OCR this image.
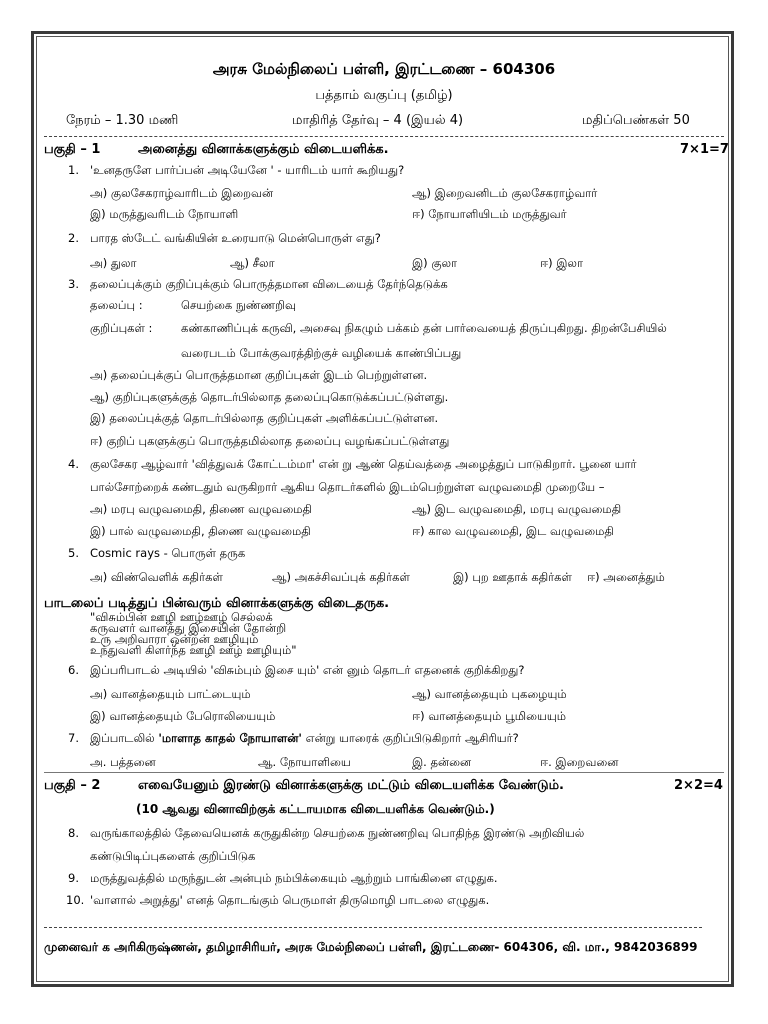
அரசு மேல்நிலைப் பள்ளி, இரட்டணை – 604306
பத்தாம் வகுப்பு (தமிழ்)
நேரம் – 1.30 மணி	மாதிரித் தேர்வு – 4 (இயல் 4)	மதிப்பெண்கள் 50
பகுதி – 1	அனைத்து வினாக்களுக்கும் விடையளிக்க.	7×1=7
1. 'உனதருளே பார்ப்பன் அடியேனே ' - யாரிடம் யார் கூறியது?
அ) குலசேகராழ்வாரிடம் இறைவன்	ஆ) இறைவனிடம் குலசேகராழ்வார்
இ) மருத்துவரிடம் நோயாளி	ஈ) நோயாளியிடம் மருத்துவர்
2. பாரத ஸ்டேட் வங்கியின் உரையாடு மென்பொருள் எது?
அ) துலா	ஆ) சீலா	இ) குலா	ஈ) இலா
3. தலைப்புக்கும் குறிப்புக்கும் பொருத்தமான விடையைத் தேர்ந்தெடுக்க
தலைப்பு :	செயற்கை நுண்ணறிவு
குறிப்புகள் : கண்காணிப்புக் கருவி, அசைவு நிகழும் பக்கம் தன் பார்வையைத் திருப்புகிறது. திறன்பேசியில்
வரைபடம் போக்குவரத்திற்குச் வழியைக் காண்பிப்பது
அ) தலைப்புக்குப் பொருத்தமான குறிப்புகள் இடம் பெற்றுள்ளன.
ஆ) குறிப்புகளுக்குத் தொடர்பில்லாத தலைப்புகொடுக்கப்பட்டுள்ளது.
இ) தலைப்புக்குத் தொடர்பில்லாத குறிப்புகள் அளிக்கப்பட்டுள்ளன.
ஈ) குறிப் புகளுக்குப் பொருத்தமில்லாத தலைப்பு வழங்கப்பட்டுள்ளது
4. குலசேகர ஆழ்வார் 'வித்துவக் கோட்டம்மா' என் று ஆண் தெய்வத்தை அழைத்துப் பாடுகிறார். பூனை யார்
பால்சோற்றைக் கண்டதும் வருகிறார் ஆகிய தொடர்களில் இடம்பெற்றுள்ள வழுவமைதி முறையே –
அ) மரபு வழுவமைதி, திணை வழுவமைதி	ஆ) இட வழுவமைதி, மரபு வழுவமைதி
இ) பால் வழுவமைதி, திணை வழுவமைதி	ஈ) கால வழுவமைதி, இட வழுவமைதி
5. Cosmic rays - பொருள் தருக
அ) விண்வெளிக் கதிர்கள்	ஆ) அகச்சிவப்புக் கதிர்கள்	இ) புற ஊதாக் கதிர்கள் ஈ) அனைத்தும்
பாடலைப் படித்துப் பின்வரும் வினாக்களுக்கு விடைதருக.
"விசும்பின் ஊழி ஊழ்ஊழ் செல்லக்
கருவளர் வானத்து இசையின் தோன்றி
உரு அறிவாரா ஒன்றன் ஊழியும்
உந்துவளி கிளர்ந்த ஊழி ஊழ் ஊழியும்"
6. இப்பரிபாடல் அடியில் 'விசும்பும் இசை யும்' என் னும் தொடர் எதனைக் குறிக்கிறது?
அ) வானத்தையும் பாட்டையும்	ஆ) வானத்தையும் புகழையும்
இ) வானத்தையும் பேரொலியையும்	ஈ) வானத்தையும் பூமியையும்
7. இப்பாடலில் 'மாளாத காதல் நோயாளன்' என்று யாரைக் குறிப்பிடுகிறார் ஆசிரியர்?
அ. பத்தனை	ஆ. நோயாளியை	இ. தன்னை	ஈ. இறைவனை
பகுதி – 2	எவையேனும் இரண்டு வினாக்களுக்கு மட்டும் விடையளிக்க வேண்டும்.	2×2=4
(10 ஆவது வினாவிற்குக் கட்டாயமாக விடையளிக்க வெண்டும்.)
8. வருங்காலத்தில் தேவையெனக் கருதுகின்ற செயற்கை நுண்ணறிவு பொதிந்த இரண்டு அறிவியல்
கண்டுபிடிப்புகளைக் குறிப்பிடுக
9. மருத்துவத்தில் மருந்துடன் அன்பும் நம்பிக்கையும் ஆற்றும் பாங்கினை எழுதுக.
10. 'வாளால் அறுத்து' எனத் தொடங்கும் பெருமாள் திருமொழி பாடலை எழுதுக.
முனைவர் க அரிகிருஷ்ணன், தமிழாசிரியர், அரசு மேல்நிலைப் பள்ளி, இரட்டணை- 604306, வி. மா., 9842036899
